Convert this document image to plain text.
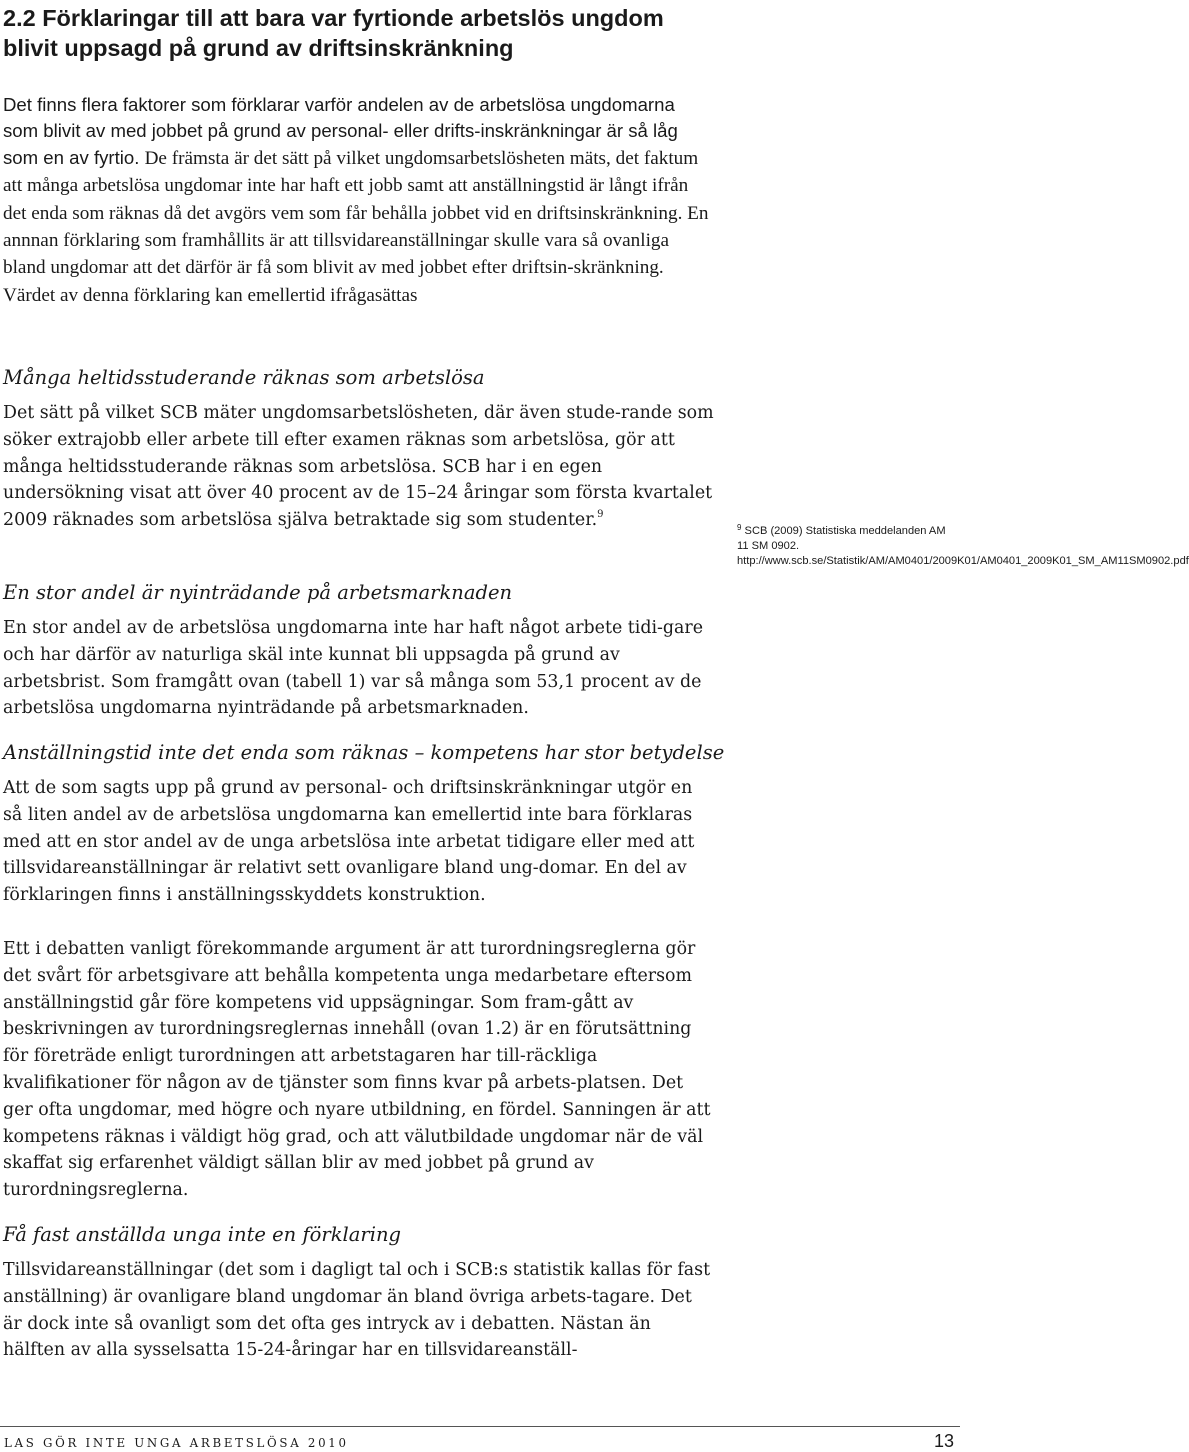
2.2 Förklaringar till att bara var fyrtionde arbetslös ungdom blivit uppsagd på grund av driftsinskränkning

Det finns flera faktorer som förklarar varför andelen av de arbetslösa ungdomarna som blivit av med jobbet på grund av personal- eller drifts-inskränkningar är så låg som en av fyrtio. De främsta är det sätt på vilket ungdomsarbetslösheten mäts, det faktum att många arbetslösa ungdomar inte har haft ett jobb samt att anställningstid är långt ifrån det enda som räknas då det avgörs vem som får behålla jobbet vid en driftsinskränkning. En annnan förklaring som framhållits är att tillsvidareanställningar skulle vara så ovanliga bland ungdomar att det därför är få som blivit av med jobbet efter driftsin-skränkning. Värdet av denna förklaring kan emellertid ifrågasättas

Många heltidsstuderande räknas som arbetslösa

Det sätt på vilket SCB mäter ungdomsarbetslösheten, där även stude-rande som söker extrajobb eller arbete till efter examen räknas som arbetslösa, gör att många heltidsstuderande räknas som arbetslösa. SCB har i en egen undersökning visat att över 40 procent av de 15–24 åringar som första kvartalet 2009 räknades som arbetslösa själva betraktade sig som studenter.$^9$

En stor andel är nyinträdande på arbetsmarknaden

En stor andel av de arbetslösa ungdomarna inte har haft något arbete tidi-gare och har därför av naturliga skäl inte kunnat bli uppsagda på grund av arbetsbrist. Som framgått ovan (tabell 1) var så många som 53,1 procent av de arbetslösa ungdomarna nyinträdande på arbetsmarknaden.

Anställningstid inte det enda som räknas – kompetens har stor betydelse

Att de som sagts upp på grund av personal- och driftsinskränkningar utgör en så liten andel av de arbetslösa ungdomarna kan emellertid inte bara förklaras med att en stor andel av de unga arbetslösa inte arbetat tidigare eller med att tillsvidareanställningar är relativt sett ovanligare bland ung-domar. En del av förklaringen finns i anställningsskyddets konstruktion.

Ett i debatten vanligt förekommande argument är att turordningsreglerna gör det svårt för arbetsgivare att behålla kompetenta unga medarbetare eftersom anställningstid går före kompetens vid uppsägningar. Som fram-gått av beskrivningen av turordningsreglernas innehåll (ovan 1.2) är en förutsättning för företräde enligt turordningen att arbetstagaren har till-räckliga kvalifikationer för någon av de tjänster som finns kvar på arbets-platsen. Det ger ofta ungdomar, med högre och nyare utbildning, en fördel. Sanningen är att kompetens räknas i väldigt hög grad, och att välutbildade ungdomar när de väl skaffat sig erfarenhet väldigt sällan blir av med jobbet på grund av turordningsreglerna.

Få fast anställda unga inte en förklaring

Tillsvidareanställningar (det som i dagligt tal och i SCB:s statistik kallas för fast anställning) är ovanligare bland ungdomar än bland övriga arbets-tagare. Det är dock inte så ovanligt som det ofta ges intryck av i debatten. Nästan än hälften av alla sysselsatta 15-24-åringar har en tillsvidareanställ-

$^9$ SCB (2009) Statistiska meddelanden AM 11 SM 0902. http://www.scb.se/Statistik/AM/AM0401/2009K01/AM0401_2009K01_SM_AM11SM0902.pdf

LAS GÖR INTE UNGA ARBETSLÖSA 2010	13
